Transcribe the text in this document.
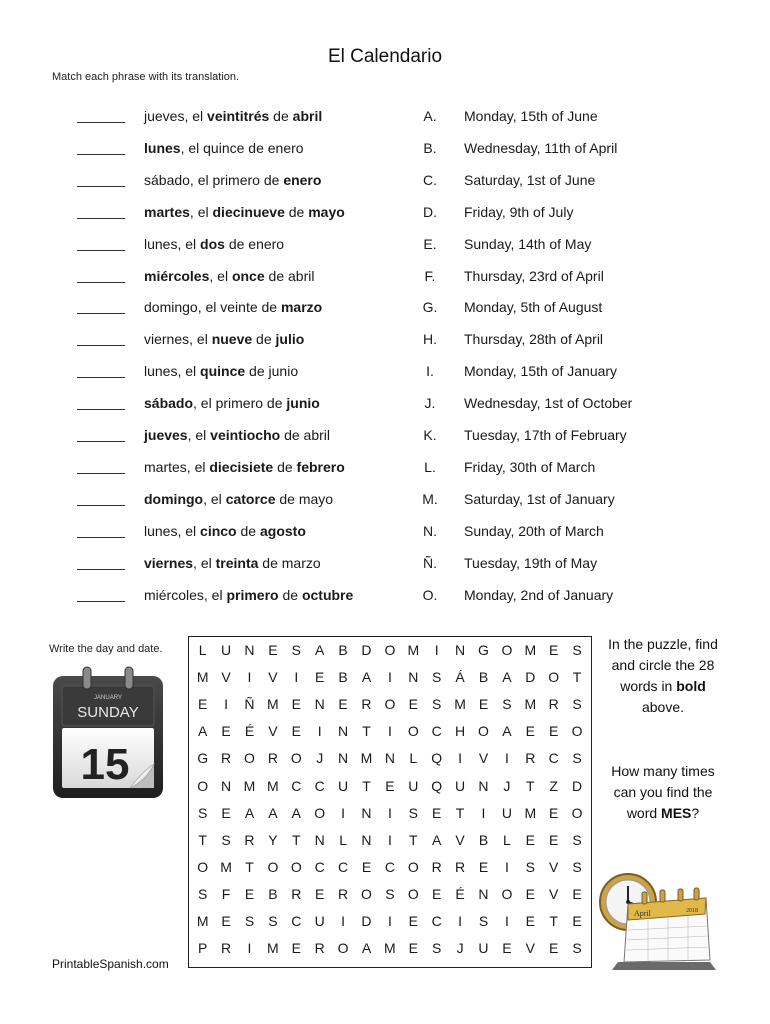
El Calendario
Match each phrase with its translation.
jueves, el veintitrés de abril	A.	Monday, 15th of June
lunes, el quince de enero	B.	Wednesday, 11th of April
sábado, el primero de enero	C.	Saturday, 1st of June
martes, el diecinueve de mayo	D.	Friday, 9th of July
lunes, el dos de enero	E.	Sunday, 14th of May
miércoles, el once de abril	F.	Thursday, 23rd of April
domingo, el veinte de marzo	G.	Monday, 5th of August
viernes, el nueve de julio	H.	Thursday, 28th of April
lunes, el quince de junio	I.	Monday, 15th of January
sábado, el primero de junio	J.	Wednesday, 1st of October
jueves, el veintiocho de abril	K.	Tuesday, 17th of February
martes, el diecisiete de febrero	L.	Friday, 30th of March
domingo, el catorce de mayo	M.	Saturday, 1st of January
lunes, el cinco de agosto	N.	Sunday, 20th of March
viernes, el treinta de marzo	Ñ.	Tuesday, 19th of May
miércoles, el primero de octubre	O.	Monday, 2nd of January
Write the day and date.
JANUARY
SUNDAY
15
L	U N E	S	A	B D O M	I	N G O M E	S
M V	I	V	I	E	B	A	I	N S	Á	B	A D O T
E	I	Ñ M E N E R O E	S M E	S M R S
A	E	É	V	E	I	N	T	I	O C H O A	E	E O
G R O R O	J	N M N	L	Q	I	V	I	R C S
O N M M C C U	T	E U Q U N	J	T	Z	D
S	E	A	A	A O	I	N	I	S	E	T	I	U M E O
T	S R Y	T	N	L	N	I	T	A	V	B	L	E	E	S
O M T O O C C E C O R R E	I	S	V	S
S	F	E	B R E R O S O E	É N O E	V	E
M E	S	S C U	I	D	I	E C	I	S	I	E	T	E
P R	I	M E R O A M E	S	J	U E	V	E	S
In the puzzle, find and circle the 28 words in bold above.
How many times can you find the word MES?
April	2018
PrintableSpanish.com
